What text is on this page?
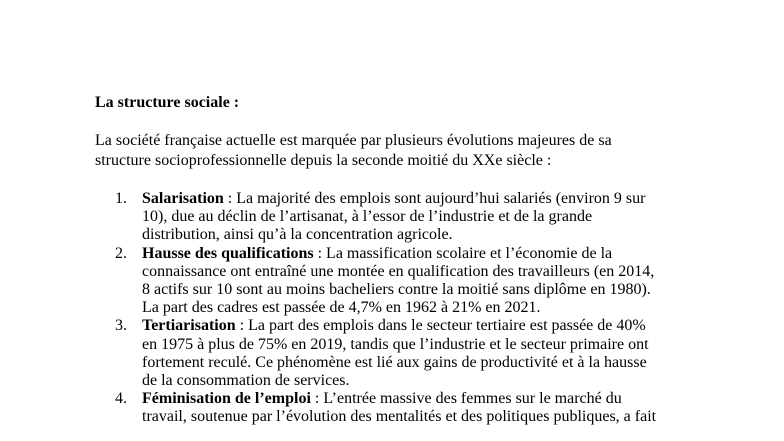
La structure sociale :
La société française actuelle est marquée par plusieurs évolutions majeures de sa
structure socioprofessionnelle depuis la seconde moitié du XXe siècle :
1. Salarisation : La majorité des emplois sont aujourd’hui salariés (environ 9 sur
10), due au déclin de l’artisanat, à l’essor de l’industrie et de la grande
distribution, ainsi qu’à la concentration agricole.
2. Hausse des qualifications : La massification scolaire et l’économie de la
connaissance ont entraîné une montée en qualification des travailleurs (en 2014,
8 actifs sur 10 sont au moins bacheliers contre la moitié sans diplôme en 1980).
La part des cadres est passée de 4,7% en 1962 à 21% en 2021.
3. Tertiarisation : La part des emplois dans le secteur tertiaire est passée de 40%
en 1975 à plus de 75% en 2019, tandis que l’industrie et le secteur primaire ont
fortement reculé. Ce phénomène est lié aux gains de productivité et à la hausse
de la consommation de services.
4. Féminisation de l’emploi : L’entrée massive des femmes sur le marché du
travail, soutenue par l’évolution des mentalités et des politiques publiques, a fait
